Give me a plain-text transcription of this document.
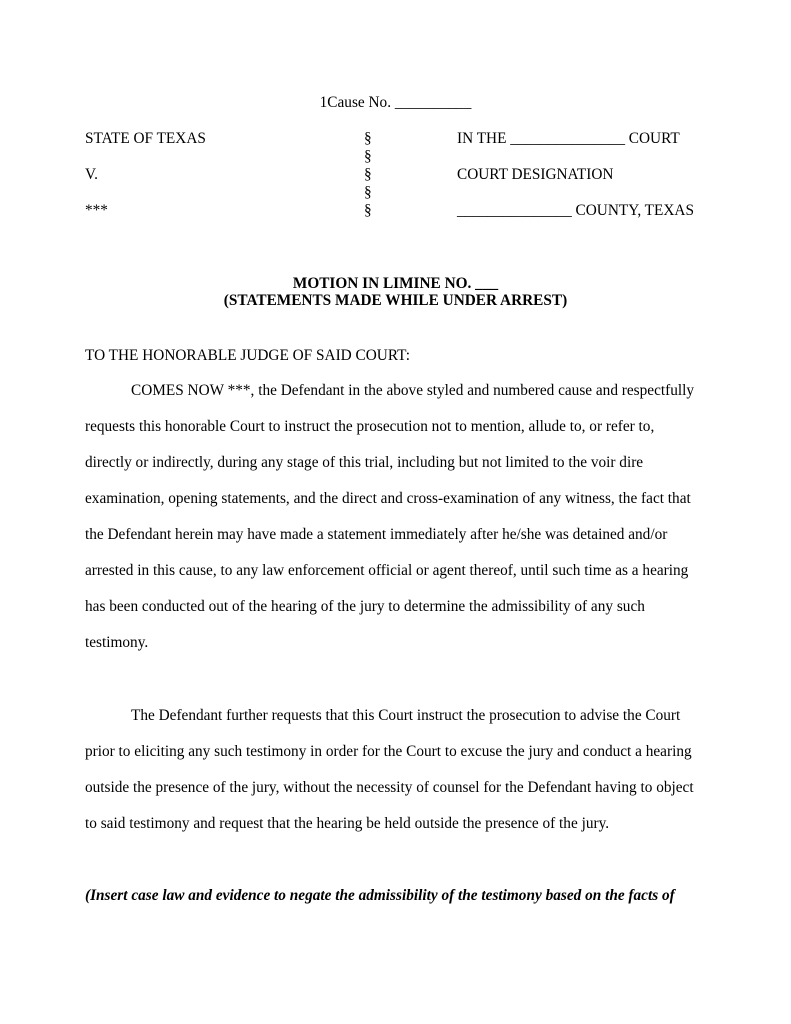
1Cause No. __________
STATE OF TEXAS
V.
***
§
§
§
§
§
IN THE _______________ COURT
COURT DESIGNATION
_______________ COUNTY, TEXAS
MOTION IN LIMINE NO. ___
(STATEMENTS MADE WHILE UNDER ARREST)
TO THE HONORABLE JUDGE OF SAID COURT:
COMES NOW ***, the Defendant in the above styled and numbered cause and respectfully
requests this honorable Court to instruct the prosecution not to mention, allude to, or refer to,
directly or indirectly, during any stage of this trial, including but not limited to the voir dire
examination, opening statements, and the direct and cross-examination of any witness, the fact that
the Defendant herein may have made a statement immediately after he/she was detained and/or
arrested in this cause, to any law enforcement official or agent thereof, until such time as a hearing
has been conducted out of the hearing of the jury to determine the admissibility of any such
testimony.
The Defendant further requests that this Court instruct the prosecution to advise the Court
prior to eliciting any such testimony in order for the Court to excuse the jury and conduct a hearing
outside the presence of the jury, without the necessity of counsel for the Defendant having to object
to said testimony and request that the hearing be held outside the presence of the jury.
(Insert case law and evidence to negate the admissibility of the testimony based on the facts of
